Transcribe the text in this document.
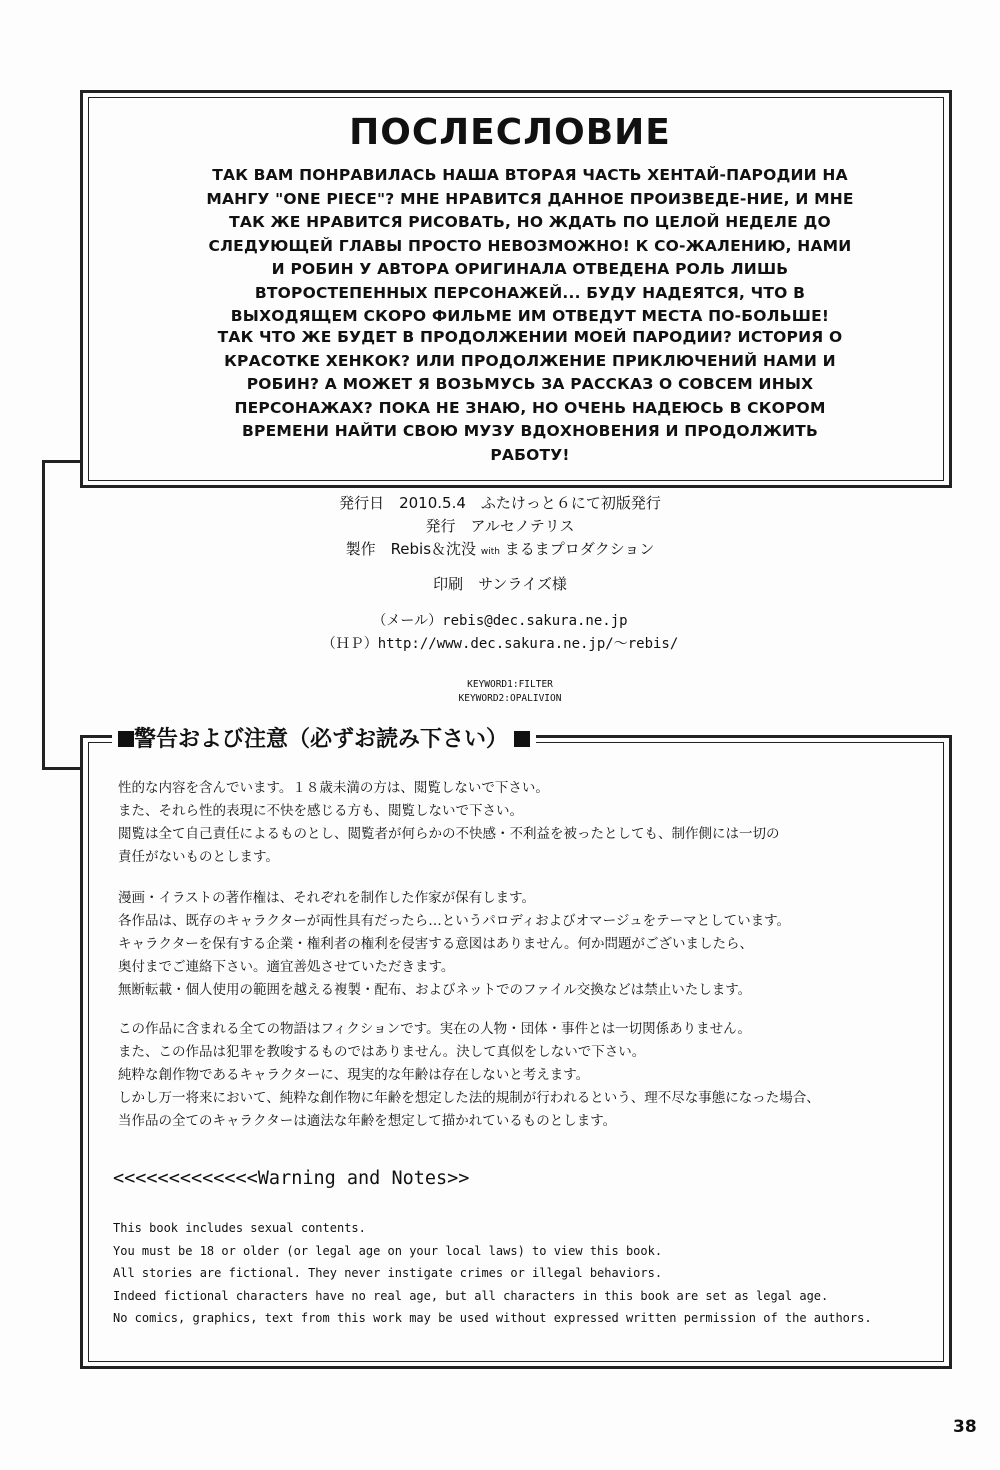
ПОСЛЕСЛОВИЕ

ТАК ВАМ ПОНРАВИЛАСЬ НАША ВТОРАЯ ЧАСТЬ ХЕНТАЙ-ПАРОДИИ НА МАНГУ "ONE PIECE"? МНЕ НРАВИТСЯ ДАННОЕ ПРОИЗВЕДЕ-НИЕ, И МНЕ ТАК ЖЕ НРАВИТСЯ РИСОВАТЬ, НО ЖДАТЬ ПО ЦЕЛОЙ НЕДЕЛЕ ДО СЛЕДУЮЩЕЙ ГЛАВЫ ПРОСТО НЕВОЗМОЖНО! К СО-ЖАЛЕНИЮ, НАМИ И РОБИН У АВТОРА ОРИГИНАЛА ОТВЕДЕНА РОЛЬ ЛИШЬ ВТОРОСТЕПЕННЫХ ПЕРСОНАЖЕЙ... БУДУ НАДЕЯТСЯ, ЧТО В ВЫХОДЯЩЕМ СКОРО ФИЛЬМЕ ИМ ОТВЕДУТ МЕСТА ПО-БОЛЬШЕ!

ТАК ЧТО ЖЕ БУДЕТ В ПРОДОЛЖЕНИИ МОЕЙ ПАРОДИИ? ИСТОРИЯ О КРАСОТКЕ ХЕНКОК? ИЛИ ПРОДОЛЖЕНИЕ ПРИКЛЮЧЕНИЙ НАМИ И РОБИН? А МОЖЕТ Я ВОЗЬМУСЬ ЗА РАССКАЗ О СОВСЕМ ИНЫХ ПЕРСОНАЖАХ? ПОКА НЕ ЗНАЮ, НО ОЧЕНЬ НАДЕЮСЬ В СКОРОМ ВРЕМЕНИ НАЙТИ СВОЮ МУЗУ ВДОХНОВЕНИЯ И ПРОДОЛЖИТЬ РАБОТУ!

発行日　2010.5.4　ふたけっと６にて初版発行
発行　アルセノテリス
製作　Rebis＆沈没 with まるまプロダクション
印刷　サンライズ様
（メール）rebis@dec.sakura.ne.jp
（ＨＰ）http://www.dec.sakura.ne.jp/～rebis/
KEYWORD1:FILTER
KEYWORD2:OPALIVION
警告および注意（必ずお読み下さい）
性的な内容を含んでいます。１８歳未満の方は、閲覧しないで下さい。
また、それら性的表現に不快を感じる方も、閲覧しないで下さい。
閲覧は全て自己責任によるものとし、閲覧者が何らかの不快感・不利益を被ったとしても、制作側には一切の
責任がないものとします。
漫画・イラストの著作権は、それぞれを制作した作家が保有します。
各作品は、既存のキャラクターが両性具有だったら…というパロディおよびオマージュをテーマとしています。
キャラクターを保有する企業・権利者の権利を侵害する意図はありません。何か問題がございましたら、
奥付までご連絡下さい。適宜善処させていただきます。
無断転載・個人使用の範囲を越える複製・配布、およびネットでのファイル交換などは禁止いたします。
この作品に含まれる全ての物語はフィクションです。実在の人物・団体・事件とは一切関係ありません。
また、この作品は犯罪を教唆するものではありません。決して真似をしないで下さい。
純粋な創作物であるキャラクターに、現実的な年齢は存在しないと考えます。
しかし万一将来において、純粋な創作物に年齢を想定した法的規制が行われるという、理不尽な事態になった場合、
当作品の全てのキャラクターは適法な年齢を想定して描かれているものとします。
<<<<<<<<<<<<<Warning and Notes>>
This book includes sexual contents.
You must be 18 or older (or legal age on your local laws) to view this book.
All stories are fictional. They never instigate crimes or illegal behaviors.
Indeed fictional characters have no real age, but all characters in this book are set as legal age.
No comics, graphics, text from this work may be used without expressed written permission of the authors.
38
